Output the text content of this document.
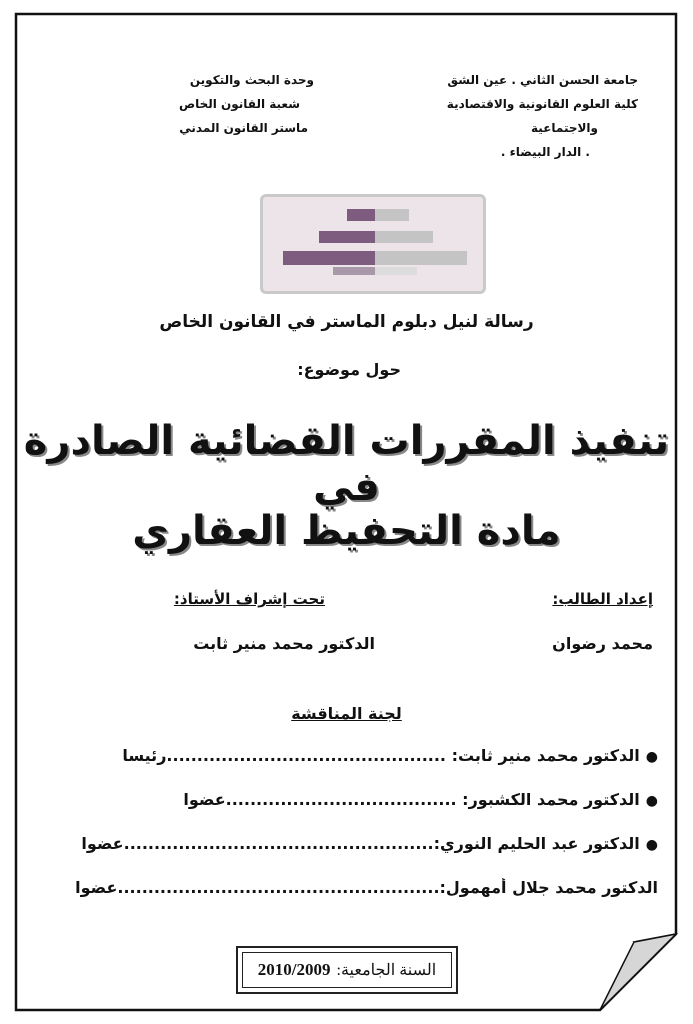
جامعة الحسن الثاني . عين الشق
كلية العلوم القانونية والاقتصادية
والاجتماعية
. الدار البيضاء .
وحدة البحث والتكوين
شعبة القانون الخاص
ماستر القانون المدني
رسالة لنيل دبلوم الماستر في القانون الخاص
حول موضوع:
تنفيذ المقررات القضائية الصادرة في
مادة التحفيظ العقاري
إعداد الطالب:
تحت إشراف الأستاذ:
محمد رضوان
الدكتور محمد منير ثابت
لجنة المناقشة
●الدكتور محمد منير ثابت: ..............................................رئيسا
●الدكتور محمد الكشبور: ......................................عضوا
●الدكتور عبد الحليم النوري:...................................................عضوا
الدكتور محمد جلال أمهمول:.....................................................عضوا
السنة الجامعية:
2010/2009
